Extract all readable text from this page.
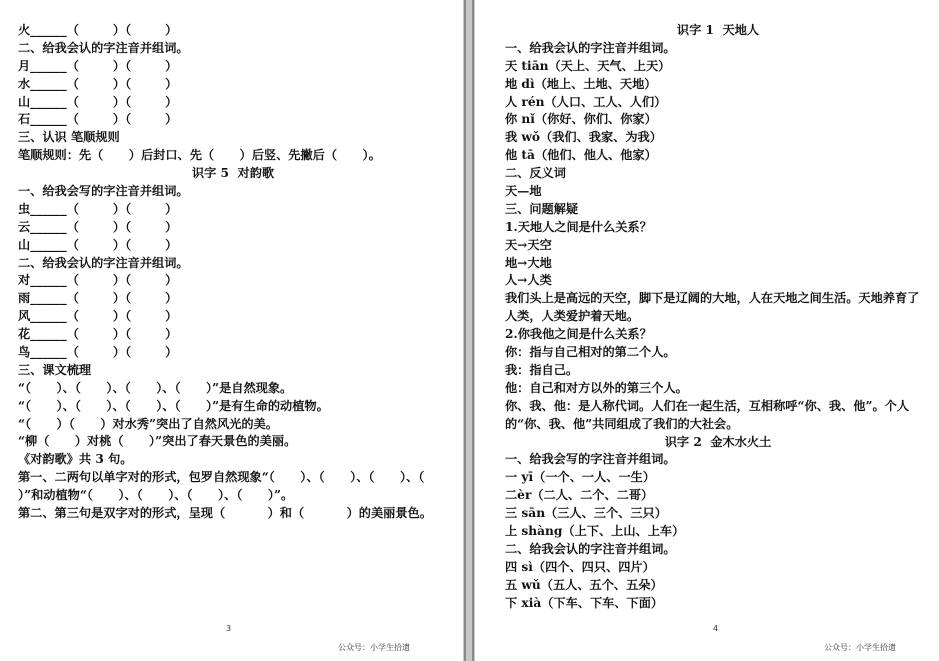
火______（        ）（        ）
二、给我会认的字注音并组词。
月______（        ）（        ）
水______（        ）（        ）
山______（        ）（        ）
石______（        ）（        ）
三、认识 笔顺规则
笔顺规则：先（      ）后封口、先（      ）后竖、先撇后（      ）。
识字 5  对韵歌
一、给我会写的字注音并组词。
虫______（        ）（        ）
云______（        ）（        ）
山______（        ）（        ）
二、给我会认的字注音并组词。
对______（        ）（        ）
雨______（        ）（        ）
风______（        ）（        ）
花______（        ）（        ）
鸟______（        ）（        ）
三、课文梳理
“（      ）、（      ）、（      ）、（      ）”是自然现象。
“（      ）、（      ）、（      ）、（      ）”是有生命的动植物。
“（      ）（      ）对水秀”突出了自然风光的美。
“柳（      ）对桃（      ）”突出了春天景色的美丽。
《对韵歌》共 3 句。
第一、二两句以单字对的形式，包罗自然现象“（      ）、（      ）、（      ）、（      ）”和动植物“（      ）、（      ）、（      ）、（      ）”。
第二、第三句是双字对的形式，呈现（          ）和（          ）的美丽景色。
3
公众号：小学生拾遗
识字 1  天地人
一、给我会认的字注音并组词。
天 tiān（天上、天气、上天）
地 dì（地上、土地、天地）
人 rén（人口、工人、人们）
你 nǐ（你好、你们、你家）
我 wǒ（我们、我家、为我）
他 tā（他们、他人、他家）
二、反义词
天—地
三、问题解疑
1.天地人之间是什么关系？
天→天空
地→大地
人→人类
我们头上是高远的天空，脚下是辽阔的大地，人在天地之间生活。天地养育了人类，人类爱护着天地。
2.你我他之间是什么关系？
你：指与自己相对的第二个人。
我：指自己。
他：自己和对方以外的第三个人。
你、我、他：是人称代词。人们在一起生活，互相称呼“你、我、他”。个人的“你、我、他”共同组成了我们的大社会。
识字 2  金木水火土
一、给我会写的字注音并组词。
一 yī（一个、一人、一生）
二èr（二人、二个、二哥）
三 sān（三人、三个、三只）
上 shàng（上下、上山、上车）
二、给我会认的字注音并组词。
四 sì（四个、四只、四片）
五 wǔ（五人、五个、五朵）
下 xià（下车、下车、下面）
4
公众号：小学生拾遗
